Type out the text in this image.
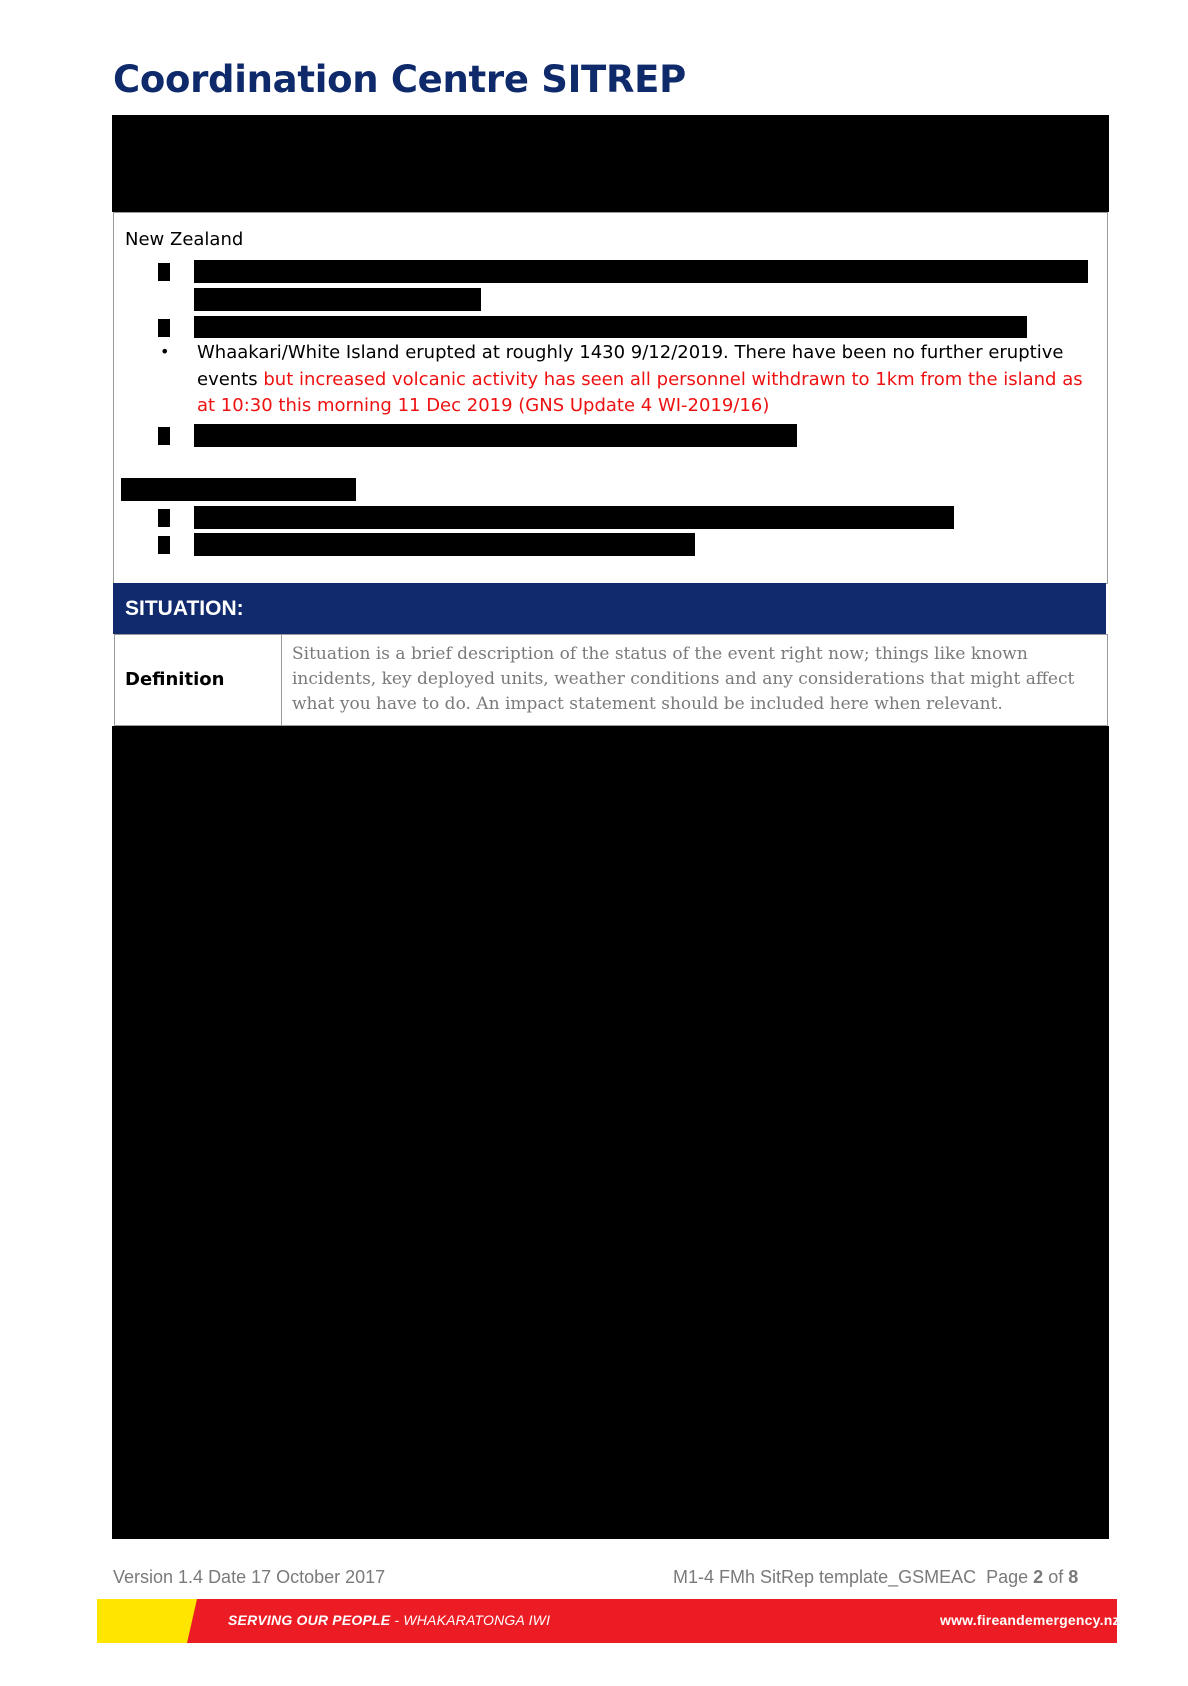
Coordination Centre SITREP
New Zealand
• Whaakari/White Island erupted at roughly 1430 9/12/2019. There have been no further eruptive events but increased volcanic activity has seen all personnel withdrawn to 1km from the island as at 10:30 this morning 11 Dec 2019 (GNS Update 4 WI-2019/16)
SITUATION:
Definition
Situation is a brief description of the status of the event right now; things like known incidents, key deployed units, weather conditions and any considerations that might affect what you have to do. An impact statement should be included here when relevant.
Version 1.4 Date 17 October 2017	M1-4 FMh SitRep template_GSMEAC Page 2 of 8
SERVING OUR PEOPLE - WHAKARATONGA IWI	www.fireandemergency.nz
